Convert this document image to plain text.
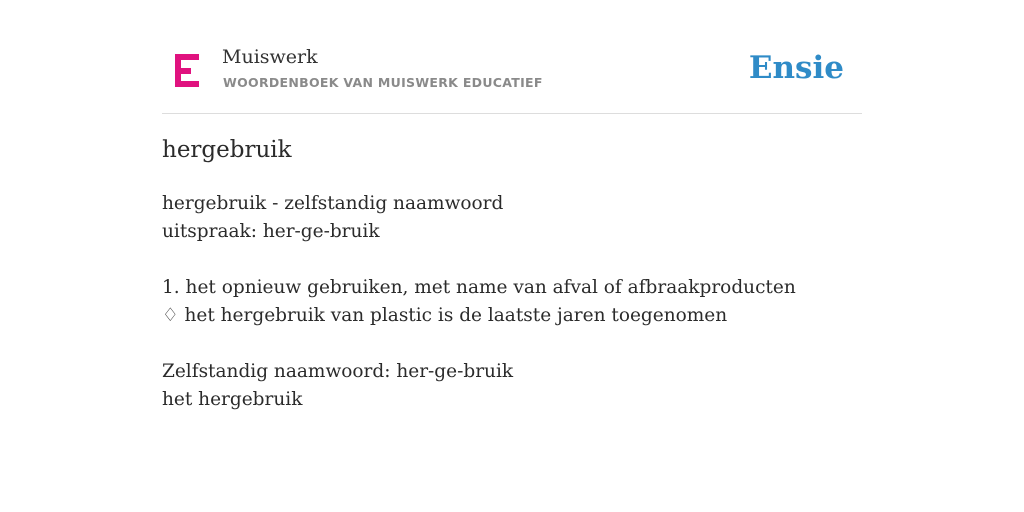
Muiswerk
WOORDENBOEK VAN MUISWERK EDUCATIEF	Ensie
hergebruik
hergebruik - zelfstandig naamwoord
uitspraak: her-ge-bruik
1. het opnieuw gebruiken, met name van afval of afbraakproducten
♢ het hergebruik van plastic is de laatste jaren toegenomen
Zelfstandig naamwoord: her-ge-bruik
het hergebruik
